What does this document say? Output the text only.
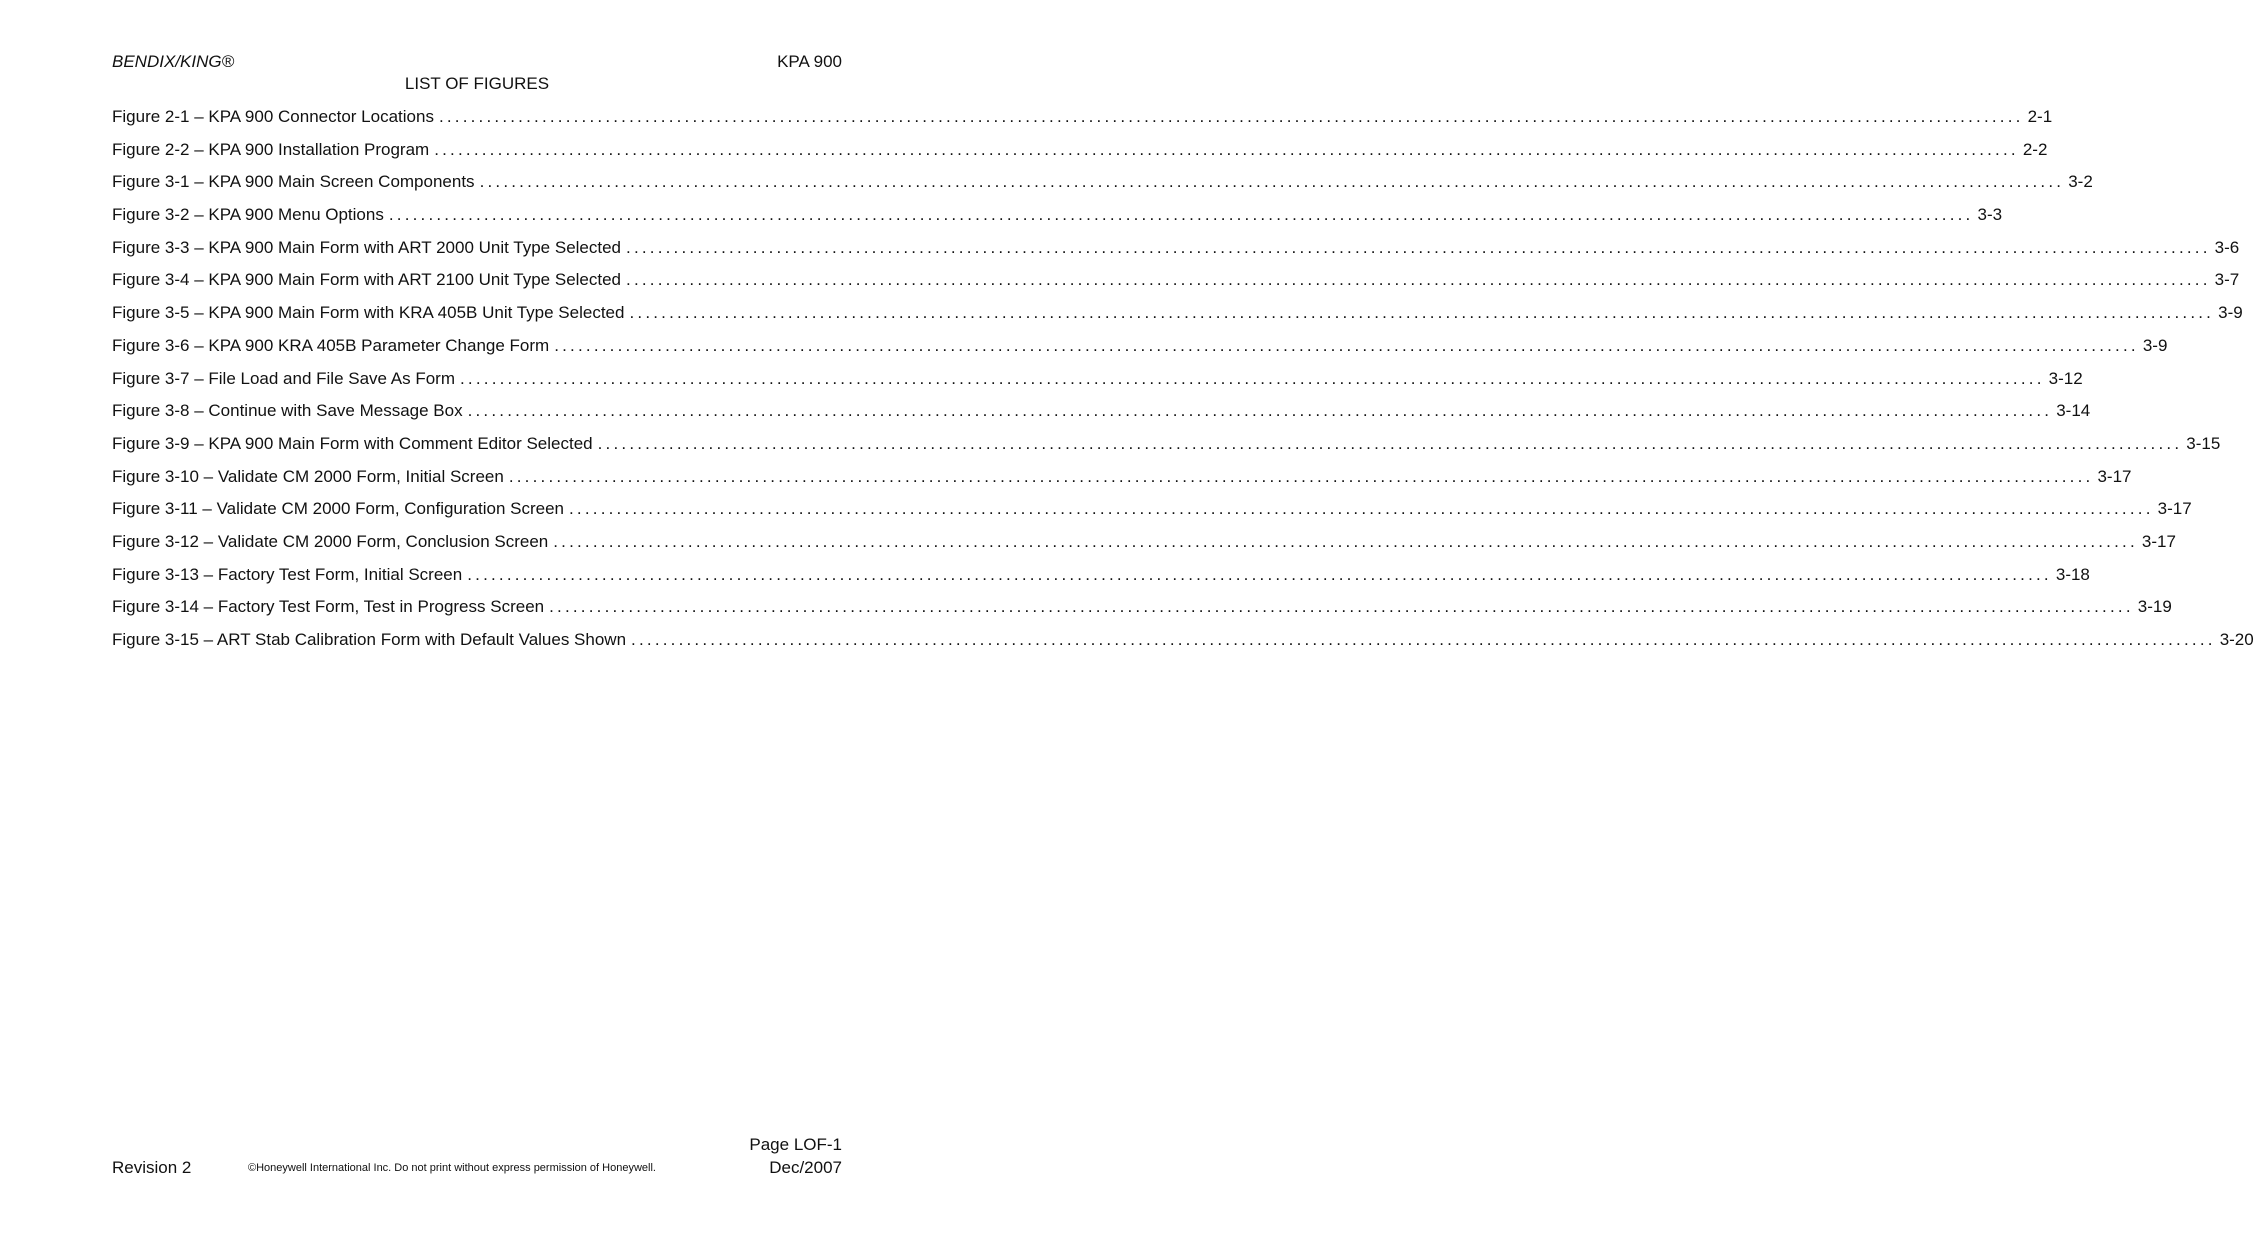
BENDIX/KING®	KPA 900
LIST OF FIGURES
Figure 2-1 – KPA 900 Connector Locations ........................................................................................................................................................................................................ 2-1
Figure 2-2 – KPA 900 Installation Program ........................................................................................................................................................................................................ 2-2
Figure 3-1 – KPA 900 Main Screen Components ........................................................................................................................................................................................................ 3-2
Figure 3-2 – KPA 900 Menu Options ........................................................................................................................................................................................................ 3-3
Figure 3-3 – KPA 900 Main Form with ART 2000 Unit Type Selected ........................................................................................................................................................................................................ 3-6
Figure 3-4 – KPA 900 Main Form with ART 2100 Unit Type Selected ........................................................................................................................................................................................................ 3-7
Figure 3-5 – KPA 900 Main Form with KRA 405B Unit Type Selected ........................................................................................................................................................................................................ 3-9
Figure 3-6 – KPA 900 KRA 405B Parameter Change Form ........................................................................................................................................................................................................ 3-9
Figure 3-7 – File Load and File Save As Form ........................................................................................................................................................................................................ 3-12
Figure 3-8 – Continue with Save Message Box ........................................................................................................................................................................................................ 3-14
Figure 3-9 – KPA 900 Main Form with Comment Editor Selected ........................................................................................................................................................................................................ 3-15
Figure 3-10 – Validate CM 2000 Form, Initial Screen ........................................................................................................................................................................................................ 3-17
Figure 3-11 – Validate CM 2000 Form, Configuration Screen ........................................................................................................................................................................................................ 3-17
Figure 3-12 – Validate CM 2000 Form, Conclusion Screen ........................................................................................................................................................................................................ 3-17
Figure 3-13 – Factory Test Form, Initial Screen ........................................................................................................................................................................................................ 3-18
Figure 3-14 – Factory Test Form, Test in Progress Screen ........................................................................................................................................................................................................ 3-19
Figure 3-15 – ART Stab Calibration Form with Default Values Shown ........................................................................................................................................................................................................ 3-20
Page LOF-1
Revision 2	©Honeywell International Inc. Do not print without express permission of Honeywell.	Dec/2007
